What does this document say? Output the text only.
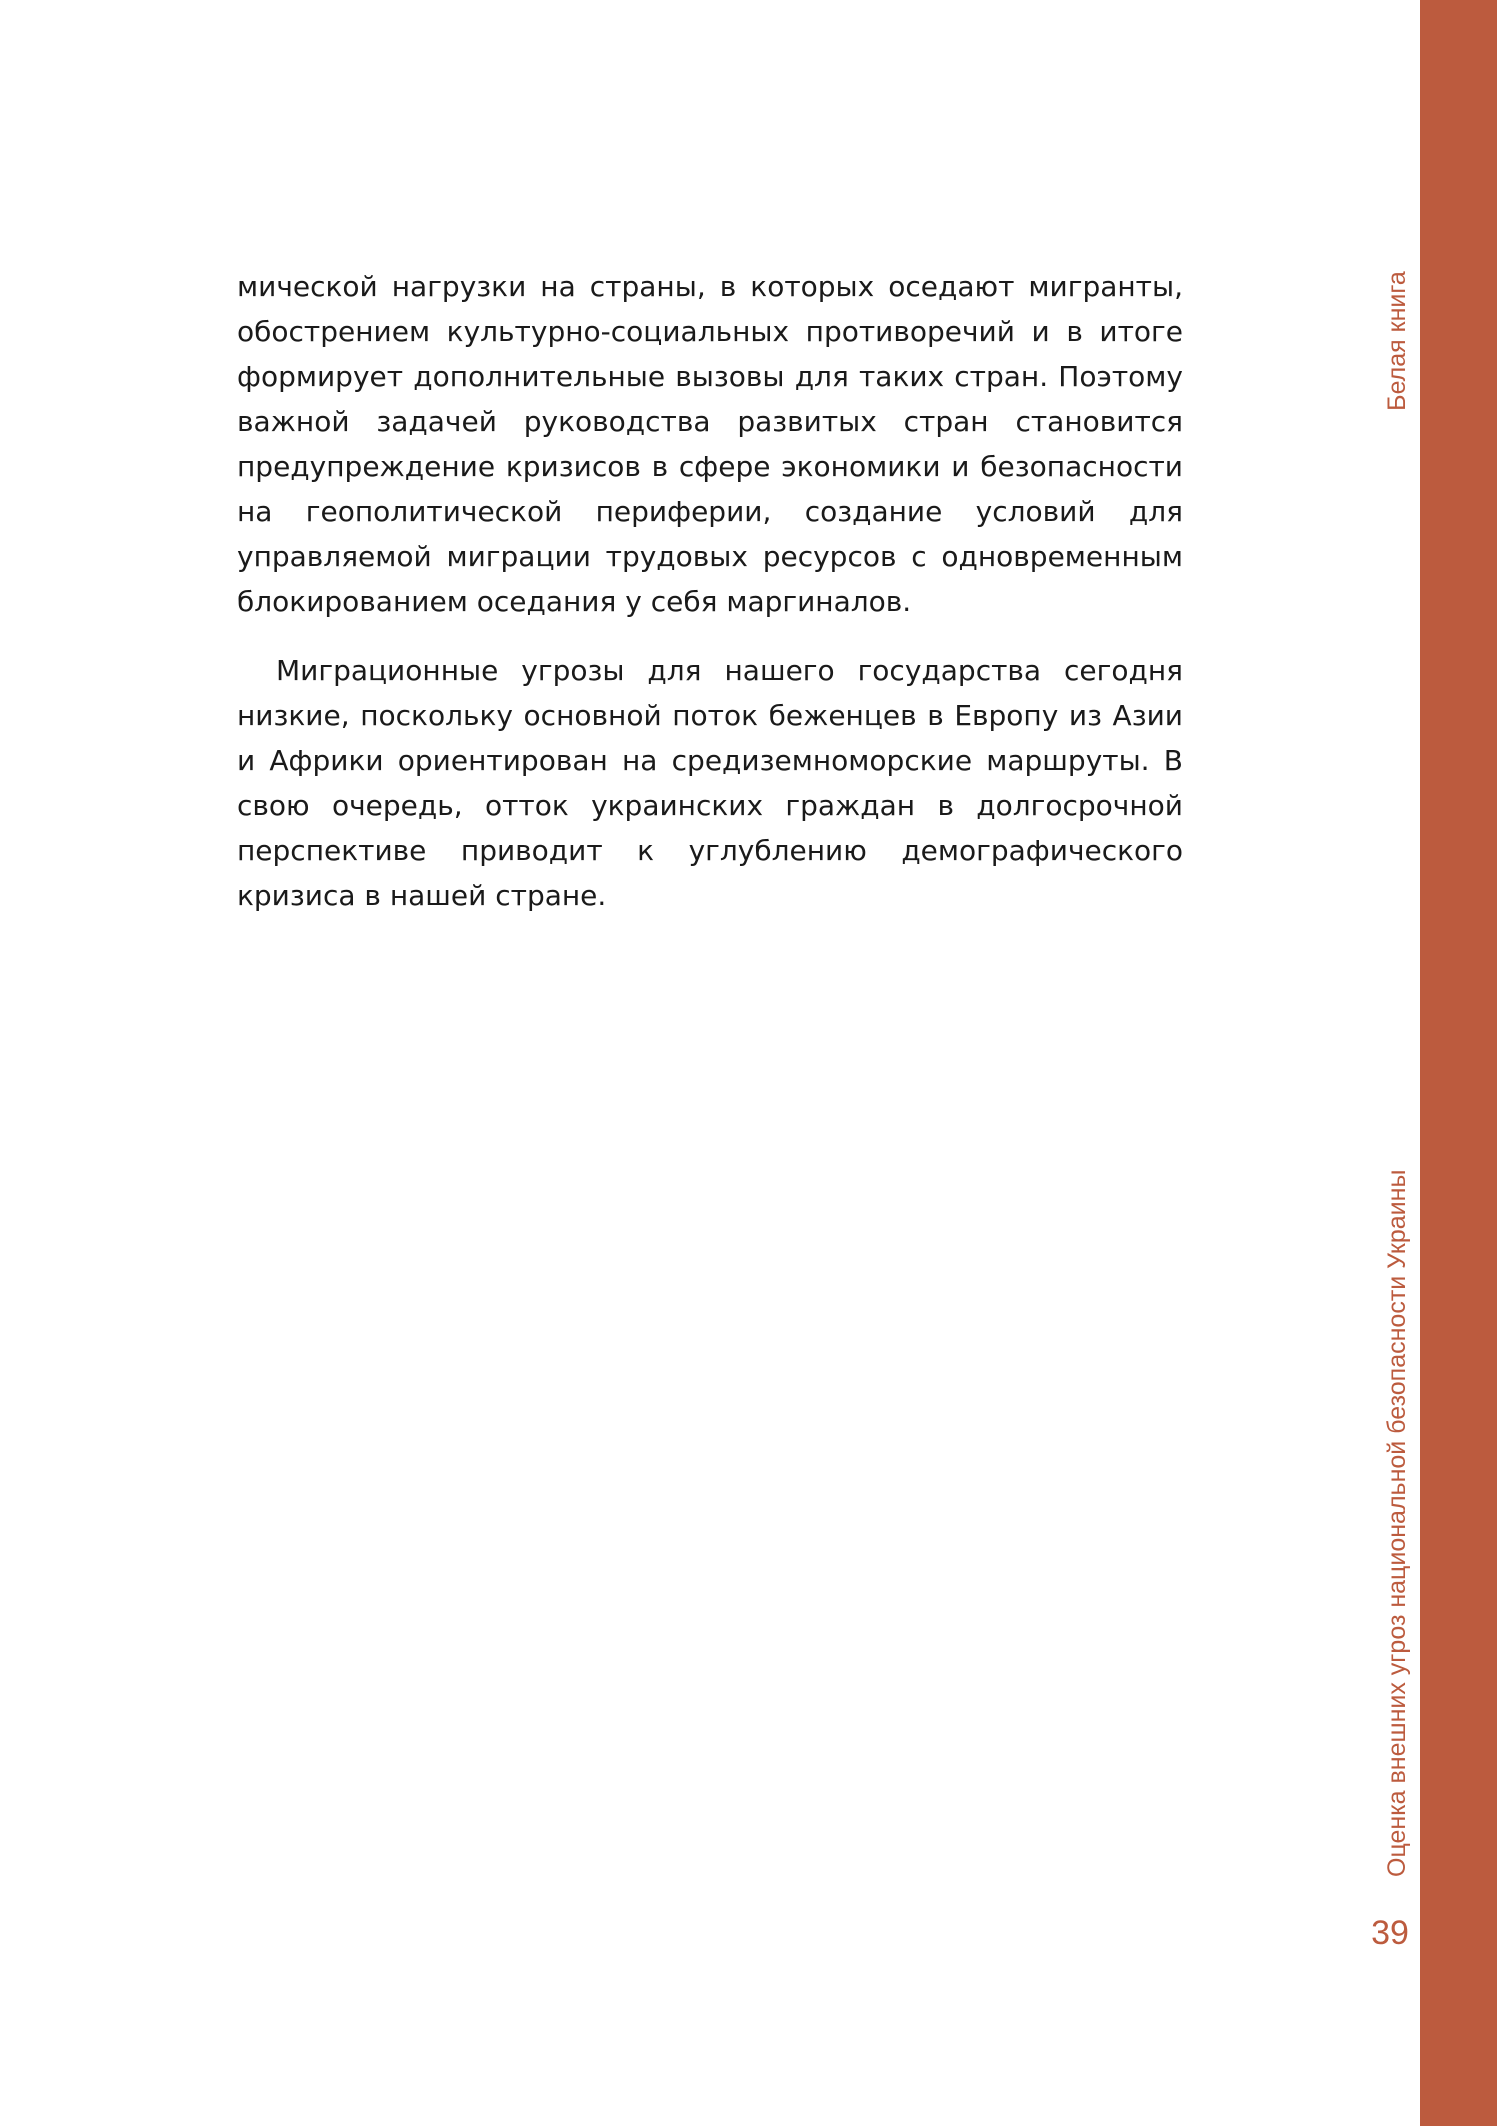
мической нагрузки на страны, в которых оседают мигранты, обострением культурно-социальных противоречий и в итоге формирует дополнительные вызовы для таких стран. Поэтому важной задачей руководства развитых стран становится предупреждение кризисов в сфере экономики и безопасности на геополитической периферии, создание условий для управляемой миграции трудовых ресурсов с одновременным блокированием оседания у себя маргиналов.

Миграционные угрозы для нашего государства сегодня низкие, поскольку основной поток беженцев в Европу из Азии и Африки ориентирован на средиземноморские маршруты. В свою очередь, отток украинских граждан в долгосрочной перспективе приводит к углублению демографического кризиса в нашей стране.

Белая книга
Оценка внешних угроз национальной безопасности Украины
39
